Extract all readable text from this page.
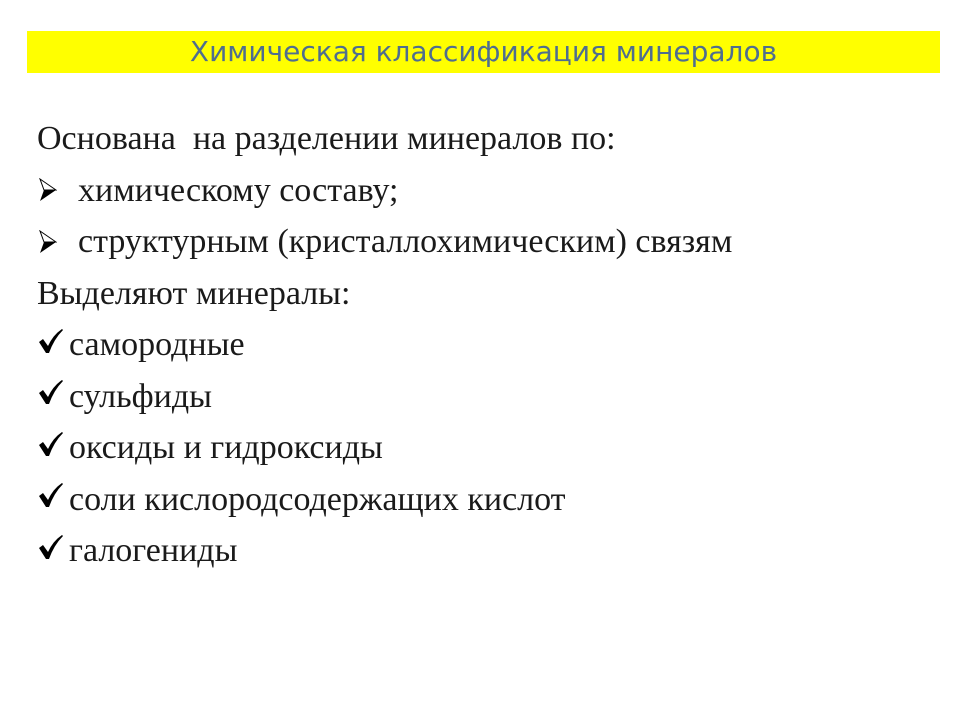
Химическая классификация минералов
Основана  на разделении минералов по:
химическому составу;
структурным (кристаллохимическим) связям
Выделяют минералы:
самородные
сульфиды
оксиды и гидроксиды
соли кислородсодержащих кислот
галогениды
